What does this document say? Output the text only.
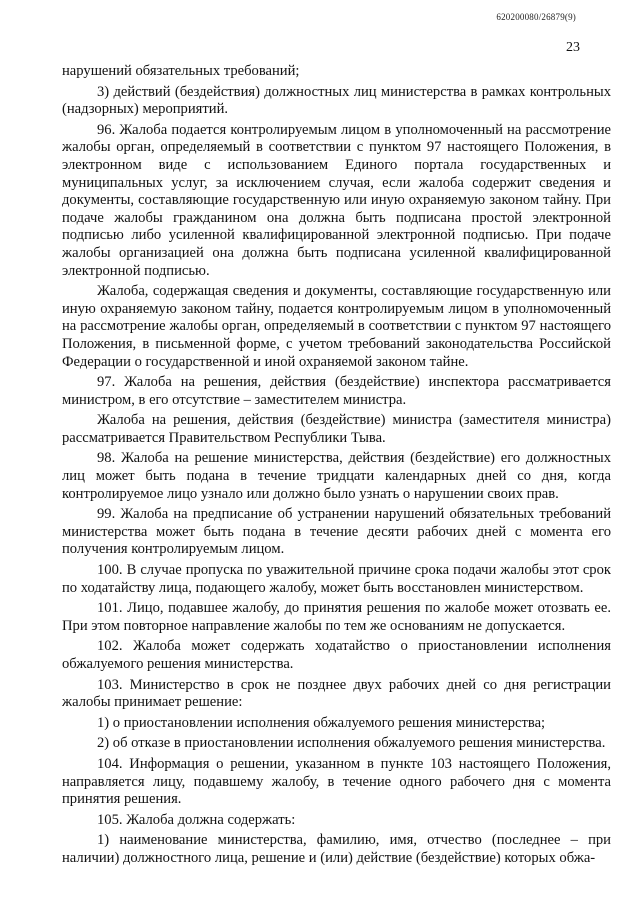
620200080/26879(9)
23

нарушений обязательных требований;

3) действий (бездействия) должностных лиц министерства в рамках контрольных (надзорных) мероприятий.

96. Жалоба подается контролируемым лицом в уполномоченный на рассмотрение жалобы орган, определяемый в соответствии с пунктом 97 настоящего Положения, в электронном виде с использованием Единого портала государственных и муниципальных услуг, за исключением случая, если жалоба содержит сведения и документы, составляющие государственную или иную охраняемую законом тайну. При подаче жалобы гражданином она должна быть подписана простой электронной подписью либо усиленной квалифицированной электронной подписью. При подаче жалобы организацией она должна быть подписана усиленной квалифицированной электронной подписью.

Жалоба, содержащая сведения и документы, составляющие государственную или иную охраняемую законом тайну, подается контролируемым лицом в уполномоченный на рассмотрение жалобы орган, определяемый в соответствии с пунктом 97 настоящего Положения, в письменной форме, с учетом требований законодательства Российской Федерации о государственной и иной охраняемой законом тайне.

97. Жалоба на решения, действия (бездействие) инспектора рассматривается министром, в его отсутствие – заместителем министра.

Жалоба на решения, действия (бездействие) министра (заместителя министра) рассматривается Правительством Республики Тыва.

98. Жалоба на решение министерства, действия (бездействие) его должностных лиц может быть подана в течение тридцати календарных дней со дня, когда контролируемое лицо узнало или должно было узнать о нарушении своих прав.

99. Жалоба на предписание об устранении нарушений обязательных требований министерства может быть подана в течение десяти рабочих дней с момента его получения контролируемым лицом.

100. В случае пропуска по уважительной причине срока подачи жалобы этот срок по ходатайству лица, подающего жалобу, может быть восстановлен министерством.

101. Лицо, подавшее жалобу, до принятия решения по жалобе может отозвать ее. При этом повторное направление жалобы по тем же основаниям не допускается.

102. Жалоба может содержать ходатайство о приостановлении исполнения обжалуемого решения министерства.

103. Министерство в срок не позднее двух рабочих дней со дня регистрации жалобы принимает решение:

1) о приостановлении исполнения обжалуемого решения министерства;

2) об отказе в приостановлении исполнения обжалуемого решения министерства.

104. Информация о решении, указанном в пункте 103 настоящего Положения, направляется лицу, подавшему жалобу, в течение одного рабочего дня с момента принятия решения.

105. Жалоба должна содержать:

1) наименование министерства, фамилию, имя, отчество (последнее – при наличии) должностного лица, решение и (или) действие (бездействие) которых обжа-
